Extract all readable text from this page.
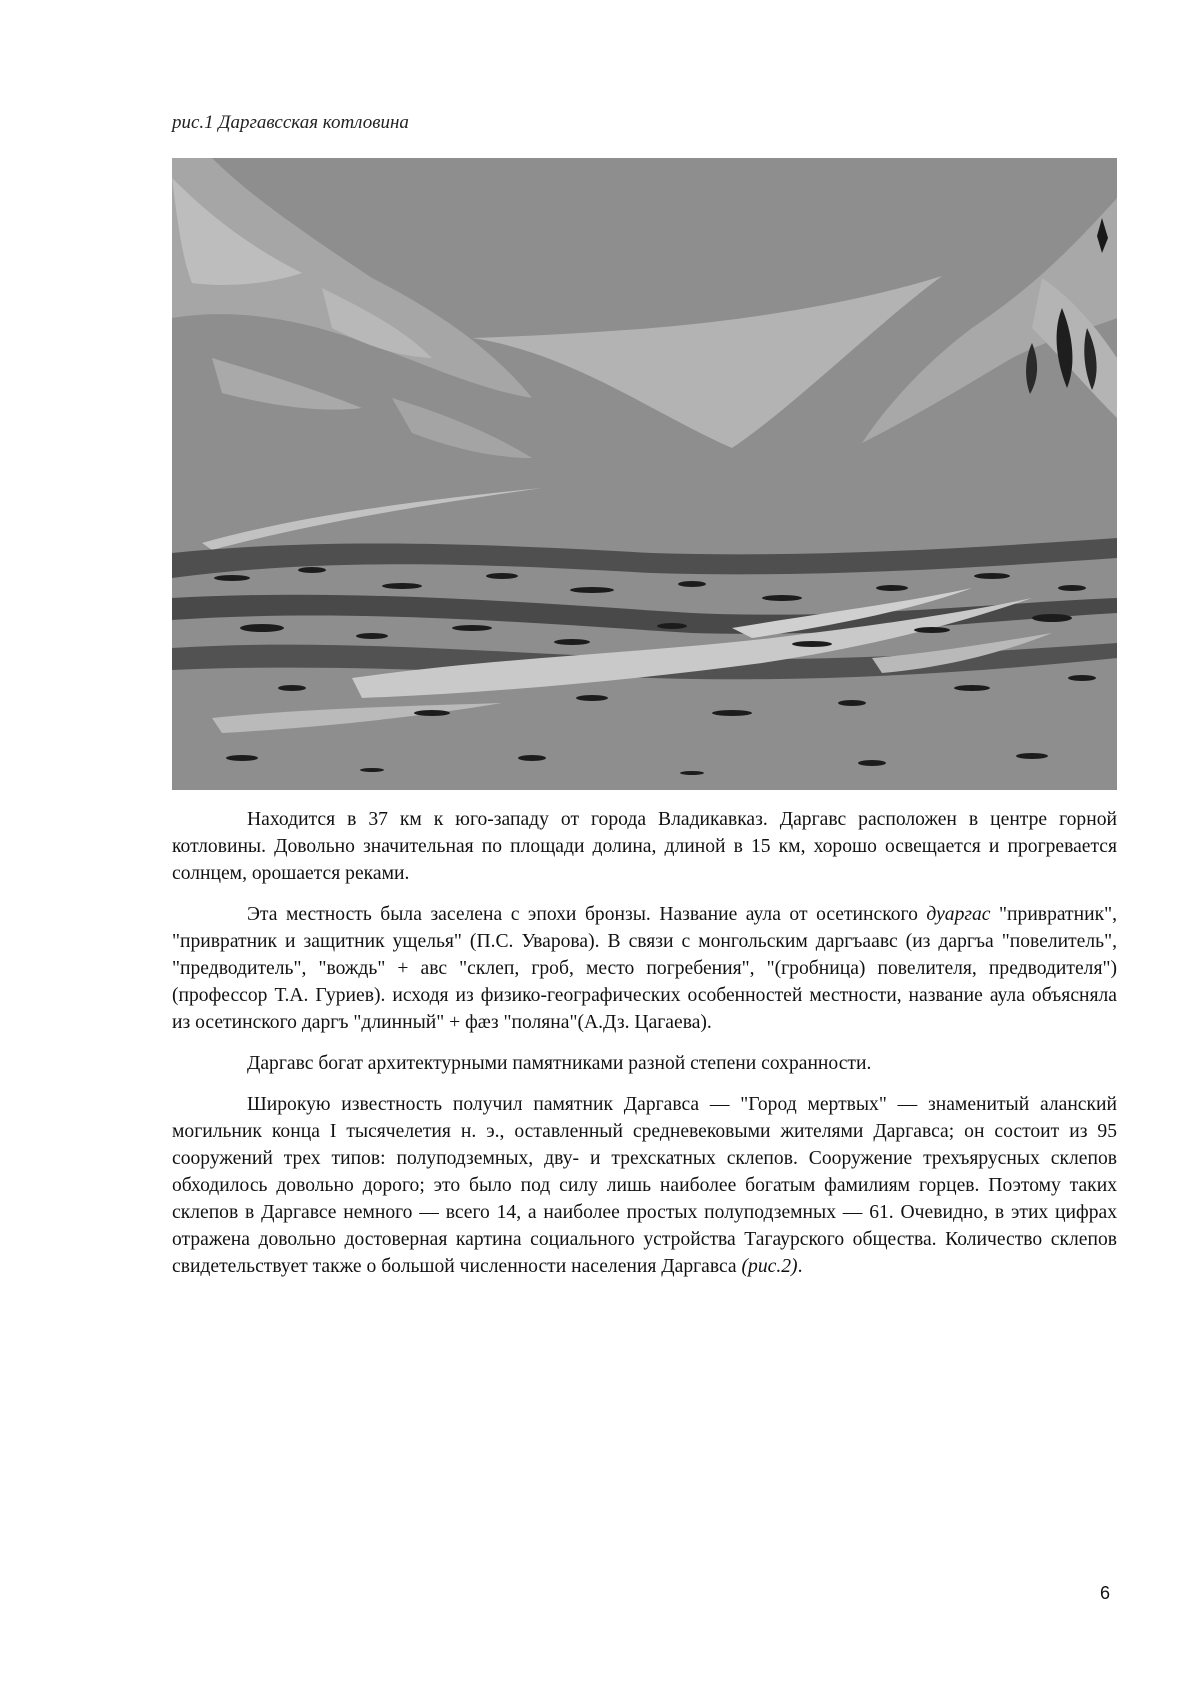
рис.1 Даргавсская котловина

Находится в 37 км к юго-западу от города Владикавказ. Даргавс расположен в центре горной котловины. Довольно значительная по площади долина, длиной в 15 км, хорошо освещается и прогревается солнцем, орошается реками.

Эта местность была заселена с эпохи бронзы. Название аула от осетинского дуаргас "привратник", "привратник и защитник ущелья" (П.С. Уварова). В связи с монгольским даргъаавс (из даргъа "повелитель", "предводитель", "вождь" + авс "склеп, гроб, место погребения", "(гробница) повелителя, предводителя") (профессор Т.А. Гуриев). исходя из физико-географических особенностей местности, название аула объясняла из осетинского даргъ "длинный" + фæз "поляна"(А.Дз. Цагаева).

Даргавс богат архитектурными памятниками разной степени сохранности.

Широкую известность получил памятник Даргавса — "Город мертвых" — знаменитый аланский могильник конца I тысячелетия н. э., оставленный средневековыми жителями Даргавса; он состоит из 95 сооружений трех типов: полуподземных, дву- и трехскатных склепов. Сооружение трехъярусных склепов обходилось довольно дорого; это было под силу лишь наиболее богатым фамилиям горцев. Поэтому таких склепов в Даргавсе немного — всего 14, а наиболее простых полуподземных — 61. Очевидно, в этих цифрах отражена довольно достоверная картина социального устройства Тагаурского общества. Количество склепов свидетельствует также о большой численности населения Даргавса (рис.2).

6
